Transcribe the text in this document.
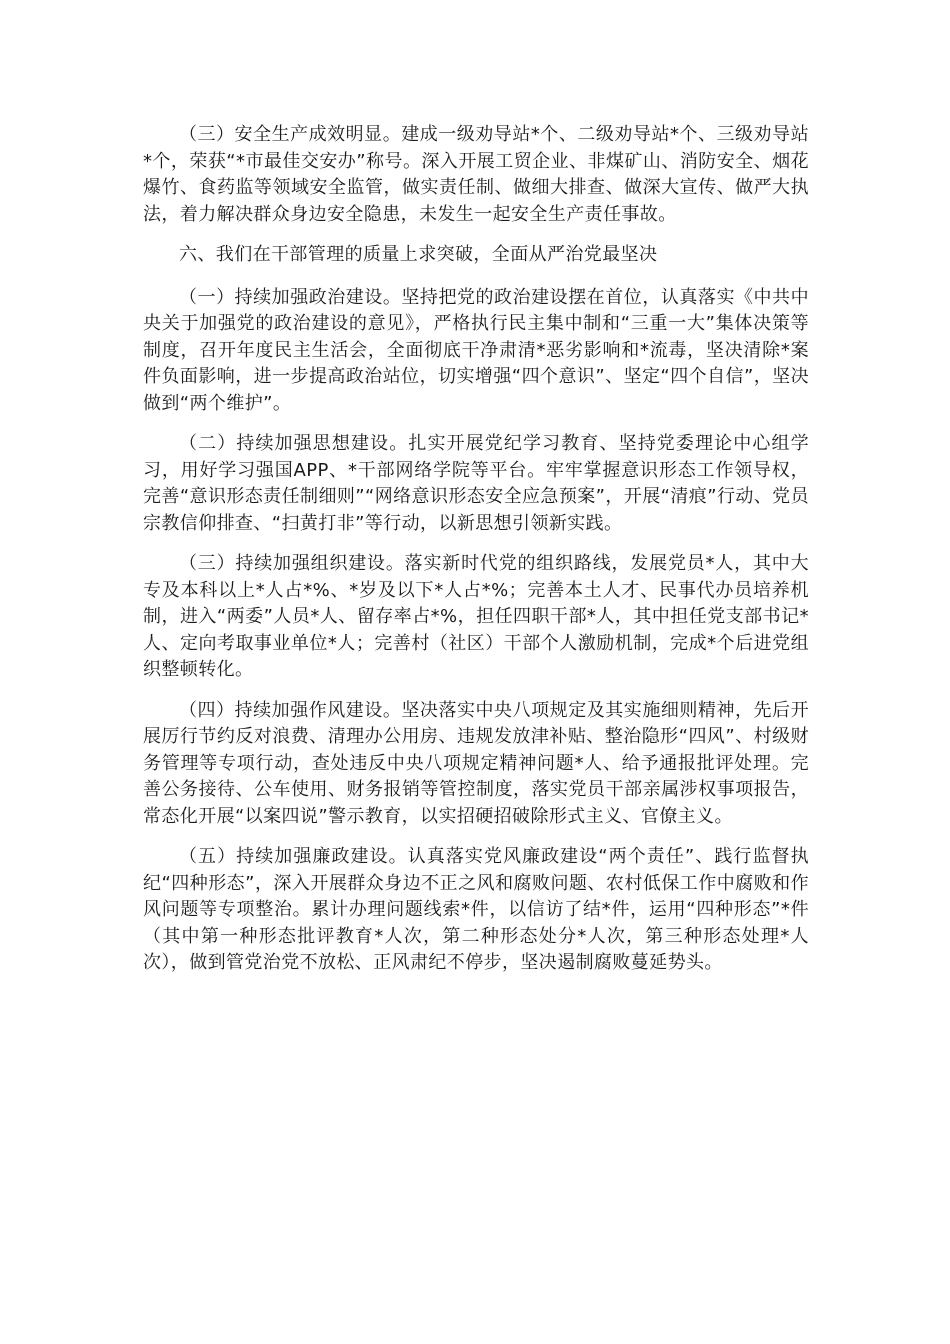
（三）安全生产成效明显。建成一级劝导站*个、二级劝导站*个、三级劝导站*个，荣获“*市最佳交安办”称号。深入开展工贸企业、非煤矿山、消防安全、烟花爆竹、食药监等领域安全监管，做实责任制、做细大排查、做深大宣传、做严大执法，着力解决群众身边安全隐患，未发生一起安全生产责任事故。

六、我们在干部管理的质量上求突破，全面从严治党最坚决

（一）持续加强政治建设。坚持把党的政治建设摆在首位，认真落实《中共中央关于加强党的政治建设的意见》，严格执行民主集中制和“三重一大”集体决策等制度，召开年度民主生活会，全面彻底干净肃清*恶劣影响和*流毒，坚决清除*案件负面影响，进一步提高政治站位，切实增强“四个意识”、坚定“四个自信”，坚决做到“两个维护”。

（二）持续加强思想建设。扎实开展党纪学习教育、坚持党委理论中心组学习，用好学习强国APP、*干部网络学院等平台。牢牢掌握意识形态工作领导权，完善“意识形态责任制细则”“网络意识形态安全应急预案”，开展“清痕”行动、党员宗教信仰排查、“扫黄打非”等行动，以新思想引领新实践。

（三）持续加强组织建设。落实新时代党的组织路线，发展党员*人，其中大专及本科以上*人占*%、*岁及以下*人占*%；完善本土人才、民事代办员培养机制，进入“两委”人员*人、留存率占*%，担任四职干部*人，其中担任党支部书记*人、定向考取事业单位*人；完善村（社区）干部个人激励机制，完成*个后进党组织整顿转化。

（四）持续加强作风建设。坚决落实中央八项规定及其实施细则精神，先后开展厉行节约反对浪费、清理办公用房、违规发放津补贴、整治隐形“四风”、村级财务管理等专项行动，查处违反中央八项规定精神问题*人、给予通报批评处理。完善公务接待、公车使用、财务报销等管控制度，落实党员干部亲属涉权事项报告，常态化开展“以案四说”警示教育，以实招硬招破除形式主义、官僚主义。

（五）持续加强廉政建设。认真落实党风廉政建设“两个责任”、践行监督执纪“四种形态”，深入开展群众身边不正之风和腐败问题、农村低保工作中腐败和作风问题等专项整治。累计办理问题线索*件，以信访了结*件，运用“四种形态”*件（其中第一种形态批评教育*人次，第二种形态处分*人次，第三种形态处理*人次），做到管党治党不放松、正风肃纪不停步，坚决遏制腐败蔓延势头。
